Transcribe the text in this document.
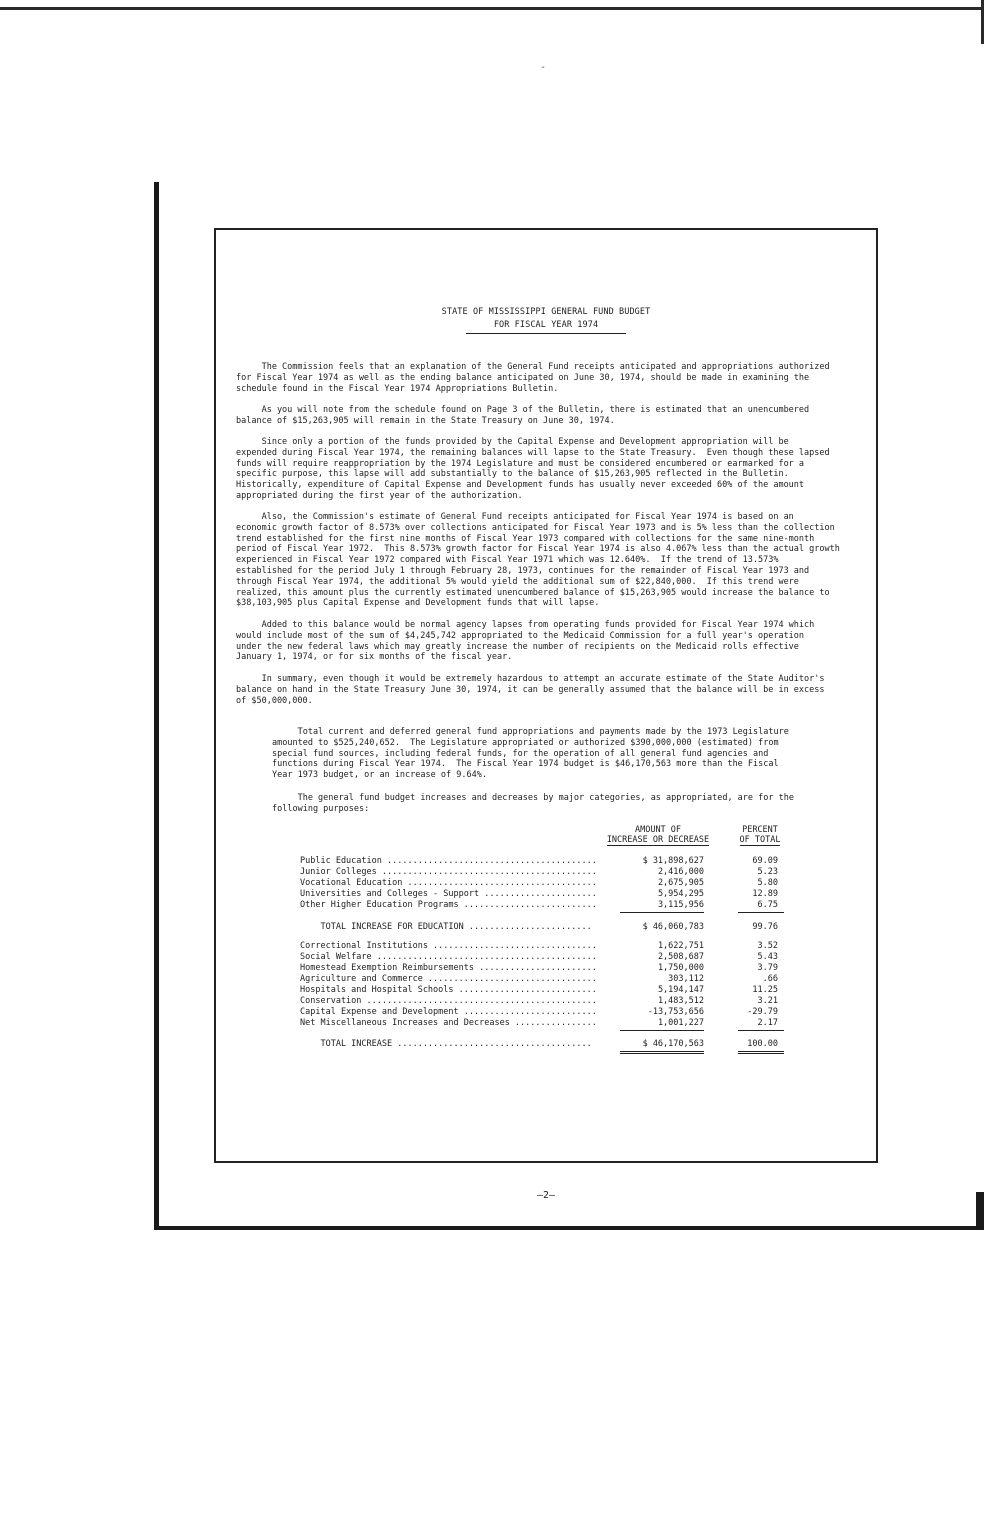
-
STATE OF MISSISSIPPI GENERAL FUND BUDGET
FOR FISCAL YEAR 1974
The Commission feels that an explanation of the General Fund receipts anticipated and appropriations authorized
for Fiscal Year 1974 as well as the ending balance anticipated on June 30, 1974, should be made in examining the
schedule found in the Fiscal Year 1974 Appropriations Bulletin.
As you will note from the schedule found on Page 3 of the Bulletin, there is estimated that an unencumbered
balance of $15,263,905 will remain in the State Treasury on June 30, 1974.
Since only a portion of the funds provided by the Capital Expense and Development appropriation will be
expended during Fiscal Year 1974, the remaining balances will lapse to the State Treasury.  Even though these lapsed
funds will require reappropriation by the 1974 Legislature and must be considered encumbered or earmarked for a
specific purpose, this lapse will add substantially to the balance of $15,263,905 reflected in the Bulletin.
Historically, expenditure of Capital Expense and Development funds has usually never exceeded 60% of the amount
appropriated during the first year of the authorization.
Also, the Commission's estimate of General Fund receipts anticipated for Fiscal Year 1974 is based on an
economic growth factor of 8.573% over collections anticipated for Fiscal Year 1973 and is 5% less than the collection
trend established for the first nine months of Fiscal Year 1973 compared with collections for the same nine-month
period of Fiscal Year 1972.  This 8.573% growth factor for Fiscal Year 1974 is also 4.067% less than the actual growth
experienced in Fiscal Year 1972 compared with Fiscal Year 1971 which was 12.640%.  If the trend of 13.573%
established for the period July 1 through February 28, 1973, continues for the remainder of Fiscal Year 1973 and
through Fiscal Year 1974, the additional 5% would yield the additional sum of $22,840,000.  If this trend were
realized, this amount plus the currently estimated unencumbered balance of $15,263,905 would increase the balance to
$38,103,905 plus Capital Expense and Development funds that will lapse.
Added to this balance would be normal agency lapses from operating funds provided for Fiscal Year 1974 which
would include most of the sum of $4,245,742 appropriated to the Medicaid Commission for a full year's operation
under the new federal laws which may greatly increase the number of recipients on the Medicaid rolls effective
January 1, 1974, or for six months of the fiscal year.
In summary, even though it would be extremely hazardous to attempt an accurate estimate of the State Auditor's
balance on hand in the State Treasury June 30, 1974, it can be generally assumed that the balance will be in excess
of $50,000,000.
Total current and deferred general fund appropriations and payments made by the 1973 Legislature
amounted to $525,240,652.  The Legislature appropriated or authorized $390,000,000 (estimated) from
special fund sources, including federal funds, for the operation of all general fund agencies and
functions during Fiscal Year 1974.  The Fiscal Year 1974 budget is $46,170,563 more than the Fiscal
Year 1973 budget, or an increase of 9.64%.
The general fund budget increases and decreases by major categories, as appropriated, are for the
following purposes:
AMOUNT OF
INCREASE OR DECREASE
PERCENT
OF TOTAL
Public Education .........................................	$ 31,898,627	69.09
Junior Colleges ..........................................	2,416,000	5.23
Vocational Education .....................................	2,675,905	5.80
Universities and Colleges - Support ......................	5,954,295	12.89
Other Higher Education Programs ..........................	3,115,956	6.75
TOTAL INCREASE FOR EDUCATION ........................	$ 46,060,783	99.76
Correctional Institutions ................................	1,622,751	3.52
Social Welfare ...........................................	2,508,687	5.43
Homestead Exemption Reimbursements .......................	1,750,000	3.79
Agriculture and Commerce .................................	303,112	.66
Hospitals and Hospital Schools ...........................	5,194,147	11.25
Conservation .............................................	1,483,512	3.21
Capital Expense and Development ..........................	-13,753,656	-29.79
Net Miscellaneous Increases and Decreases ................	1,001,227	2.17
TOTAL INCREASE ......................................	$ 46,170,563	100.00
—2—
